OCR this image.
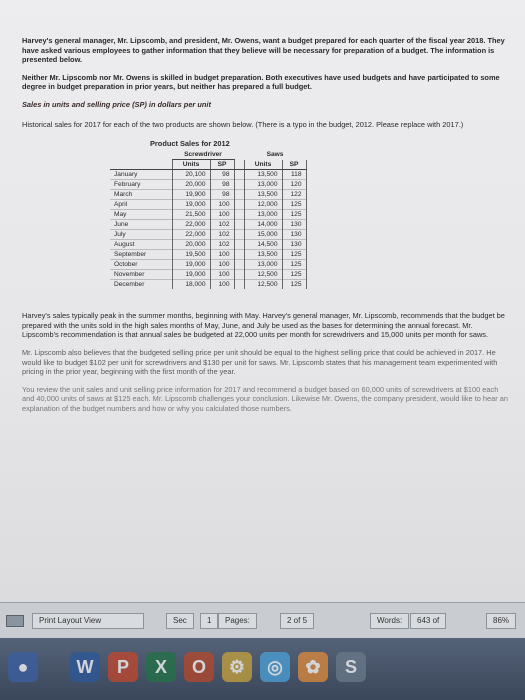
Harvey's general manager, Mr. Lipscomb, and president, Mr. Owens, want a budget prepared for each quarter of the fiscal year 2018. They have asked various employees to gather information that they believe will be necessary for preparation of a budget. The information is presented below.

Neither Mr. Lipscomb nor Mr. Owens is skilled in budget preparation. Both executives have used budgets and have participated to some degree in budget preparation in prior years, but neither has prepared a full budget.

Sales in units and selling price (SP) in dollars per unit

Historical sales for 2017 for each of the two products are shown below. (There is a typo in the budget, 2012. Please replace with 2017.)

Product Sales for 2012
	Screwdriver			Saws	
	Units	SP		Units	SP
January	20,100	98		13,500	118
February	20,000	98		13,000	120
March	19,900	98		13,500	122
April	19,000	100		12,000	125
May	21,500	100		13,000	125
June	22,000	102		14,000	130
July	22,000	102		15,000	130
August	20,000	102		14,500	130
September	19,500	100		13,500	125
October	19,000	100		13,000	125
November	19,000	100		12,500	125
December	18,000	100		12,500	125

Harvey's sales typically peak in the summer months, beginning with May. Harvey's general manager, Mr. Lipscomb, recommends that the budget be prepared with the units sold in the high sales months of May, June, and July be used as the bases for determining the annual forecast. Mr. Lipscomb's recommendation is that annual sales be budgeted at 22,000 units per month for screwdrivers and 15,000 units per month for saws.

Mr. Lipscomb also believes that the budgeted selling price per unit should be equal to the highest selling price that could be achieved in 2017. He would like to budget $102 per unit for screwdrivers and $130 per unit for saws. Mr. Lipscomb states that his management team experimented with pricing in the prior year, beginning with the first month of the year.

You review the unit sales and unit selling price information for 2017 and recommend a budget based on 60,000 units of screwdrivers at $100 each and 40,000 units of saws at $125 each. Mr. Lipscomb challenges your conclusion. Likewise Mr. Owens, the company president, would like to hear an explanation of the budget numbers and how or why you calculated those numbers.

Print Layout View	Sec	1	Pages:	2 of 5	Words:	643 of	86%
●	W	P	X	O	⚙	◎	✿	S
